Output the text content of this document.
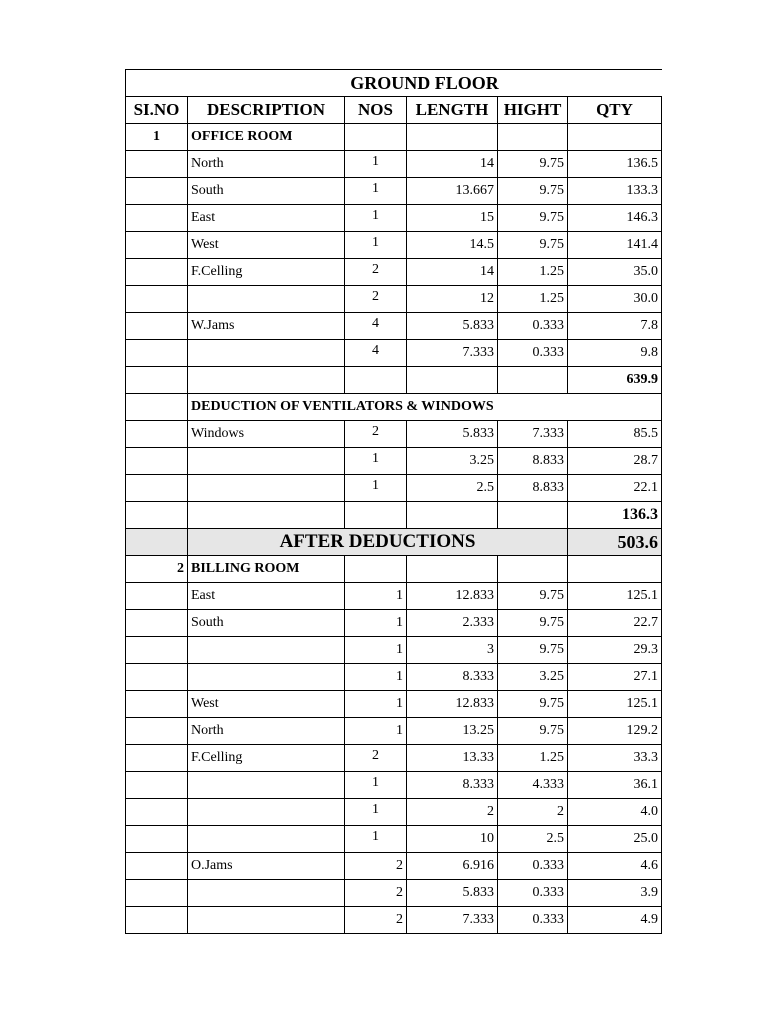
	GROUND FLOOR				
SI.NO	DESCRIPTION	NOS	LENGTH	HIGHT	QTY
1	OFFICE ROOM				
	North	1	14	9.75	136.5
	South	1	13.667	9.75	133.3
	East	1	15	9.75	146.3
	West	1	14.5	9.75	141.4
	F.Celling	2	14	1.25	35.0
		2	12	1.25	30.0
	W.Jams	4	5.833	0.333	7.8
		4	7.333	0.333	9.8
					639.9
	DEDUCTION OF VENTILATORS & WINDOWS				
	Windows	2	5.833	7.333	85.5
		1	3.25	8.833	28.7
		1	2.5	8.833	22.1
					136.3
	AFTER DEDUCTIONS				503.6
2	BILLING ROOM				
	East	1	12.833	9.75	125.1
	South	1	2.333	9.75	22.7
		1	3	9.75	29.3
		1	8.333	3.25	27.1
	West	1	12.833	9.75	125.1
	North	1	13.25	9.75	129.2
	F.Celling	2	13.33	1.25	33.3
		1	8.333	4.333	36.1
		1	2	2	4.0
		1	10	2.5	25.0
	O.Jams	2	6.916	0.333	4.6
		2	5.833	0.333	3.9
		2	7.333	0.333	4.9
